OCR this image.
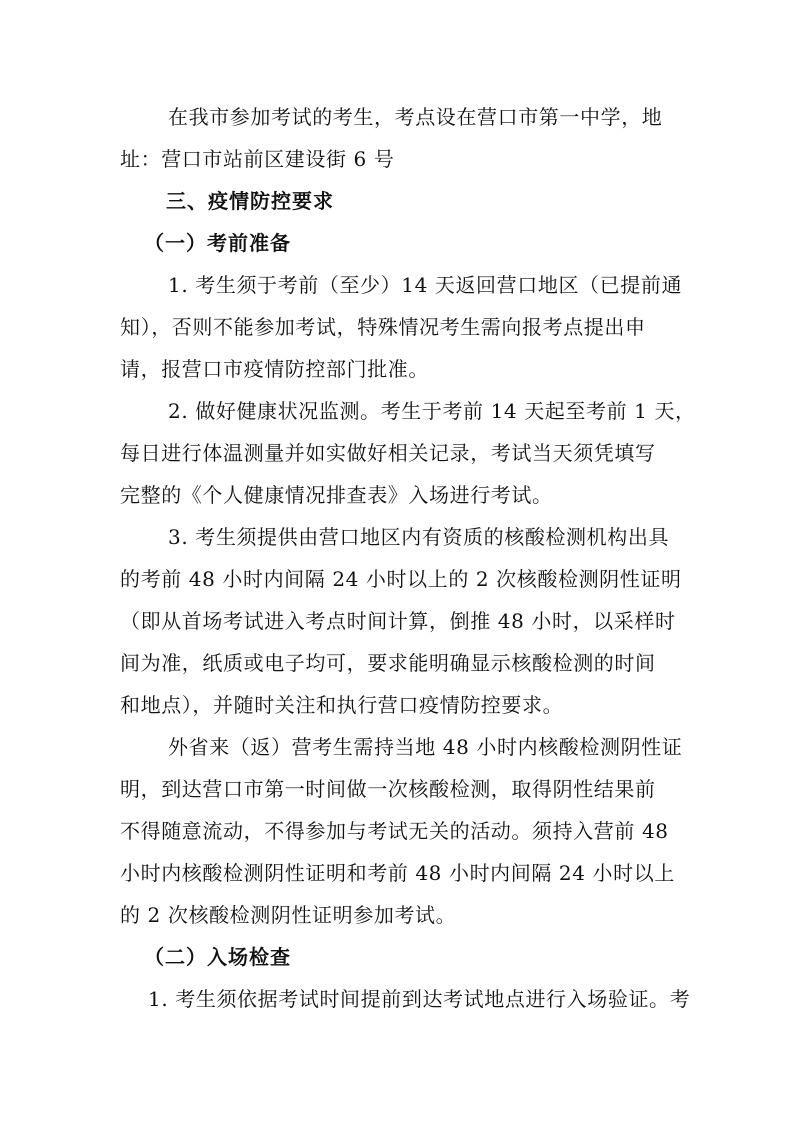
在我市参加考试的考生，考点设在营口市第一中学，地
址：营口市站前区建设街 6 号
三、疫情防控要求
（一）考前准备
1. 考生须于考前（至少）14 天返回营口地区（已提前通
知），否则不能参加考试，特殊情况考生需向报考点提出申
请，报营口市疫情防控部门批准。
2. 做好健康状况监测。考生于考前 14 天起至考前 1 天，
每日进行体温测量并如实做好相关记录，考试当天须凭填写
完整的《个人健康情况排查表》入场进行考试。
3. 考生须提供由营口地区内有资质的核酸检测机构出具
的考前 48 小时内间隔 24 小时以上的 2 次核酸检测阴性证明
（即从首场考试进入考点时间计算，倒推 48 小时，以采样时
间为准，纸质或电子均可，要求能明确显示核酸检测的时间
和地点），并随时关注和执行营口疫情防控要求。
外省来（返）营考生需持当地 48 小时内核酸检测阴性证
明，到达营口市第一时间做一次核酸检测，取得阴性结果前
不得随意流动，不得参加与考试无关的活动。须持入营前 48
小时内核酸检测阴性证明和考前 48 小时内间隔 24 小时以上
的 2 次核酸检测阴性证明参加考试。
（二）入场检查
1. 考生须依据考试时间提前到达考试地点进行入场验证。考
